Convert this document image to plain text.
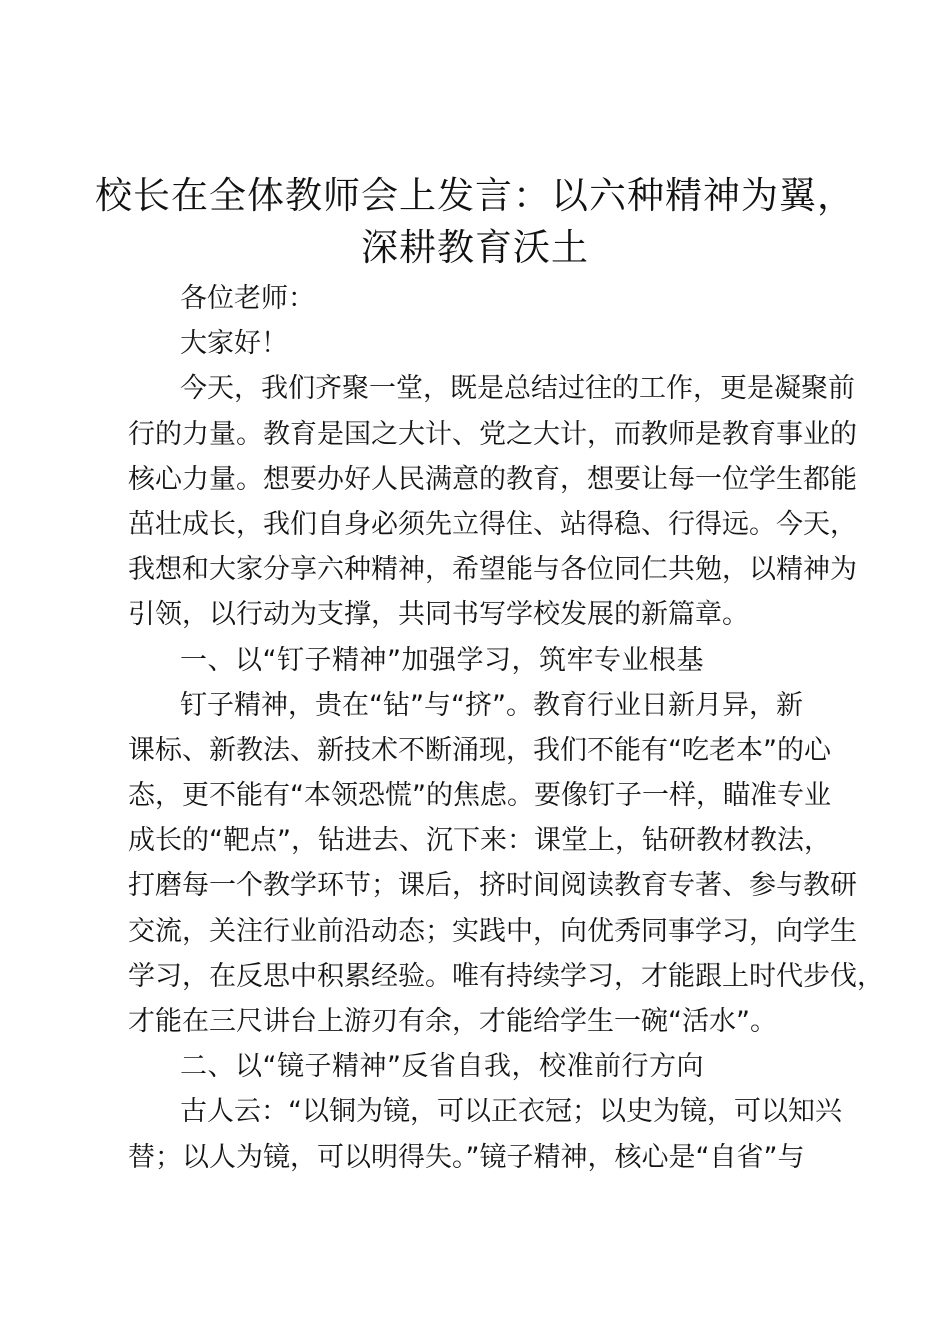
校长在全体教师会上发言：以六种精神为翼，
深耕教育沃土
各位老师：
大家好！
今天，我们齐聚一堂，既是总结过往的工作，更是凝聚前
行的力量。教育是国之大计、党之大计，而教师是教育事业的
核心力量。想要办好人民满意的教育，想要让每一位学生都能
茁壮成长，我们自身必须先立得住、站得稳、行得远。今天，
我想和大家分享六种精神，希望能与各位同仁共勉，以精神为
引领，以行动为支撑，共同书写学校发展的新篇章。
一、以“钉子精神”加强学习，筑牢专业根基
钉子精神，贵在“钻”与“挤”。教育行业日新月异，新
课标、新教法、新技术不断涌现，我们不能有“吃老本”的心
态，更不能有“本领恐慌”的焦虑。要像钉子一样，瞄准专业
成长的“靶点”，钻进去、沉下来：课堂上，钻研教材教法，
打磨每一个教学环节；课后，挤时间阅读教育专著、参与教研
交流，关注行业前沿动态；实践中，向优秀同事学习，向学生
学习，在反思中积累经验。唯有持续学习，才能跟上时代步伐，
才能在三尺讲台上游刃有余，才能给学生一碗“活水”。
二、以“镜子精神”反省自我，校准前行方向
古人云：“以铜为镜，可以正衣冠；以史为镜，可以知兴
替；以人为镜，可以明得失。”镜子精神，核心是“自省”与
